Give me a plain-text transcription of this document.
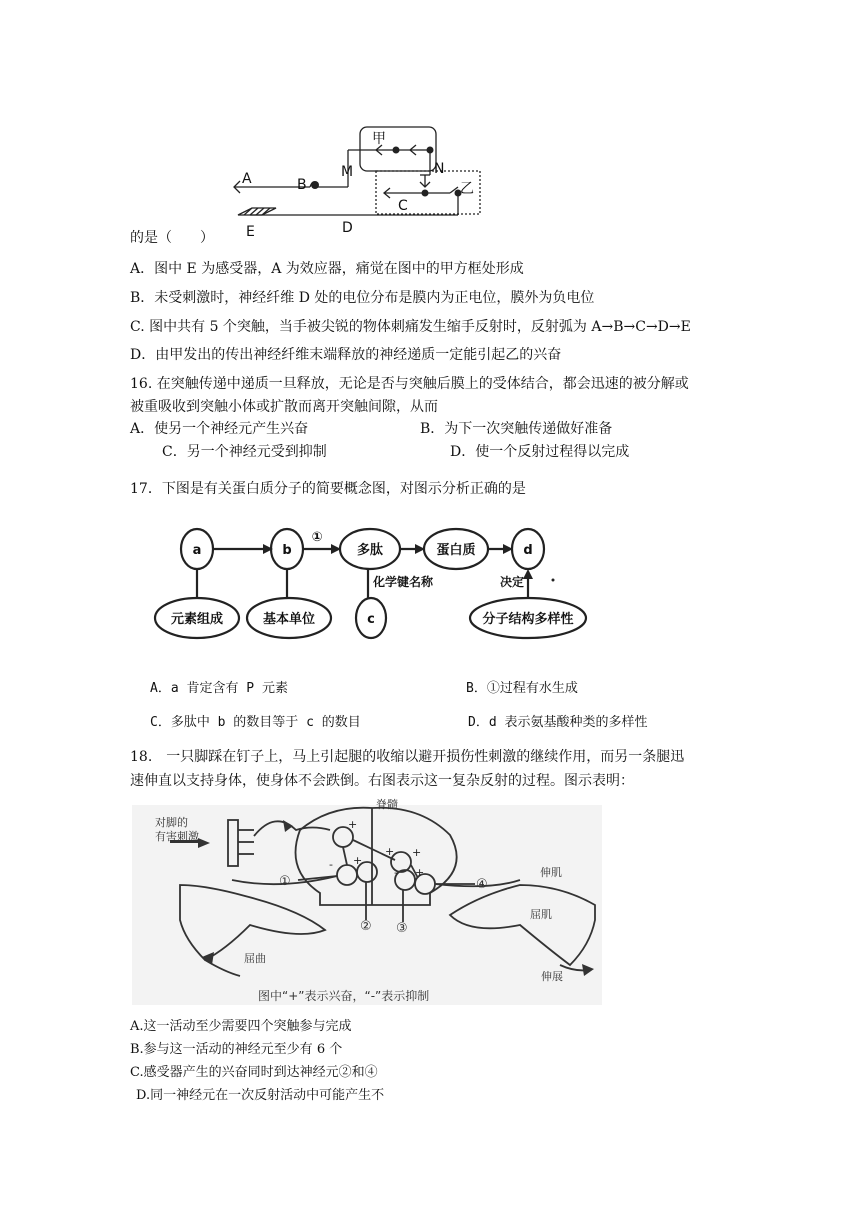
甲
乙
A	B
M	N
C
D
E
的是（　　）
A．图中 E 为感受器，A 为效应器，痛觉在图中的甲方框处形成
B．未受刺激时，神经纤维 D 处的电位分布是膜内为正电位，膜外为负电位
C. 图中共有 5 个突触，当手被尖锐的物体刺痛发生缩手反射时，反射弧为 A→B→C→D→E
D．由甲发出的传出神经纤维末端释放的神经递质一定能引起乙的兴奋
16. 在突触传递中递质一旦释放，无论是否与突触后膜上的受体结合，都会迅速的被分解或
被重吸收到突触小体或扩散而离开突触间隙，从而
A．使另一个神经元产生兴奋	B．为下一次突触传递做好准备
C．另一个神经元受到抑制	D．使一个反射过程得以完成
17．下图是有关蛋白质分子的简要概念图，对图示分析正确的是
a	b	多肽	蛋白质	d
元素组成	基本单位	c	分子结构多样性
①
化学键名称	决定
A．a 肯定含有 P 元素	B．①过程有水生成
C．多肽中 b 的数目等于 c 的数目	D．d 表示氨基酸种类的多样性
18.　一只脚踩在钉子上，马上引起腿的收缩以避开损伤性刺激的继续作用，而另一条腿迅
速伸直以支持身体，使身体不会跌倒。右图表示这一复杂反射的过程。图示表明：
对脚的
有害刺激
脊髓
①
② ③
④
伸肌
屈肌
屈曲
伸展
图中“+”表示兴奋，“-”表示抑制
+
- +
+ +
- +
A.这一活动至少需要四个突触参与完成
B.参与这一活动的神经元至少有 6 个
C.感受器产生的兴奋同时到达神经元②和④
D.同一神经元在一次反射活动中可能产生不
